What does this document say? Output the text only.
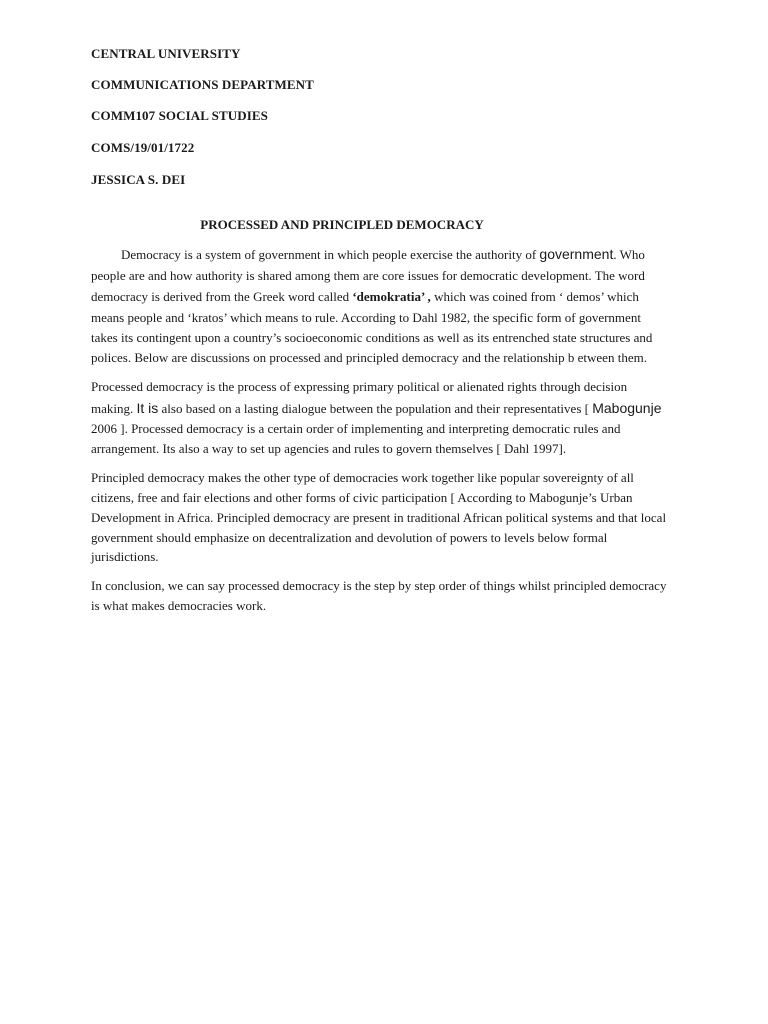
CENTRAL UNIVERSITY
COMMUNICATIONS DEPARTMENT
COMM107 SOCIAL STUDIES
COMS/19/01/1722
JESSICA S. DEI
PROCESSED AND PRINCIPLED DEMOCRACY
Democracy is a system of government in which people exercise the authority of government. Who
people are and how authority is shared among them are core issues for democratic development. The word
democracy is derived from the Greek word called ‘demokratia’ , which was coined from ‘ demos’ which
means people and ‘kratos’ which means to rule. According to Dahl 1982, the specific form of government
takes its contingent upon a country’s socioeconomic conditions as well as its entrenched state structures and
polices. Below are discussions on processed and principled democracy and the relationship b etween them.
Processed democracy is the process of expressing primary political or alienated rights through decision
making. It is also based on a lasting dialogue between the population and their representatives [ Mabogunje
2006 ]. Processed democracy is a certain order of implementing and interpreting democratic rules and
arrangement. Its also a way to set up agencies and rules to govern themselves [ Dahl 1997].
Principled democracy makes the other type of democracies work together like popular sovereignty of all
citizens, free and fair elections and other forms of civic participation [ According to Mabogunje’s Urban
Development in Africa. Principled democracy are present in traditional African political systems and that local
government should emphasize on decentralization and devolution of powers to levels below formal
jurisdictions.
In conclusion, we can say processed democracy is the step by step order of things whilst principled democracy
is what makes democracies work.
